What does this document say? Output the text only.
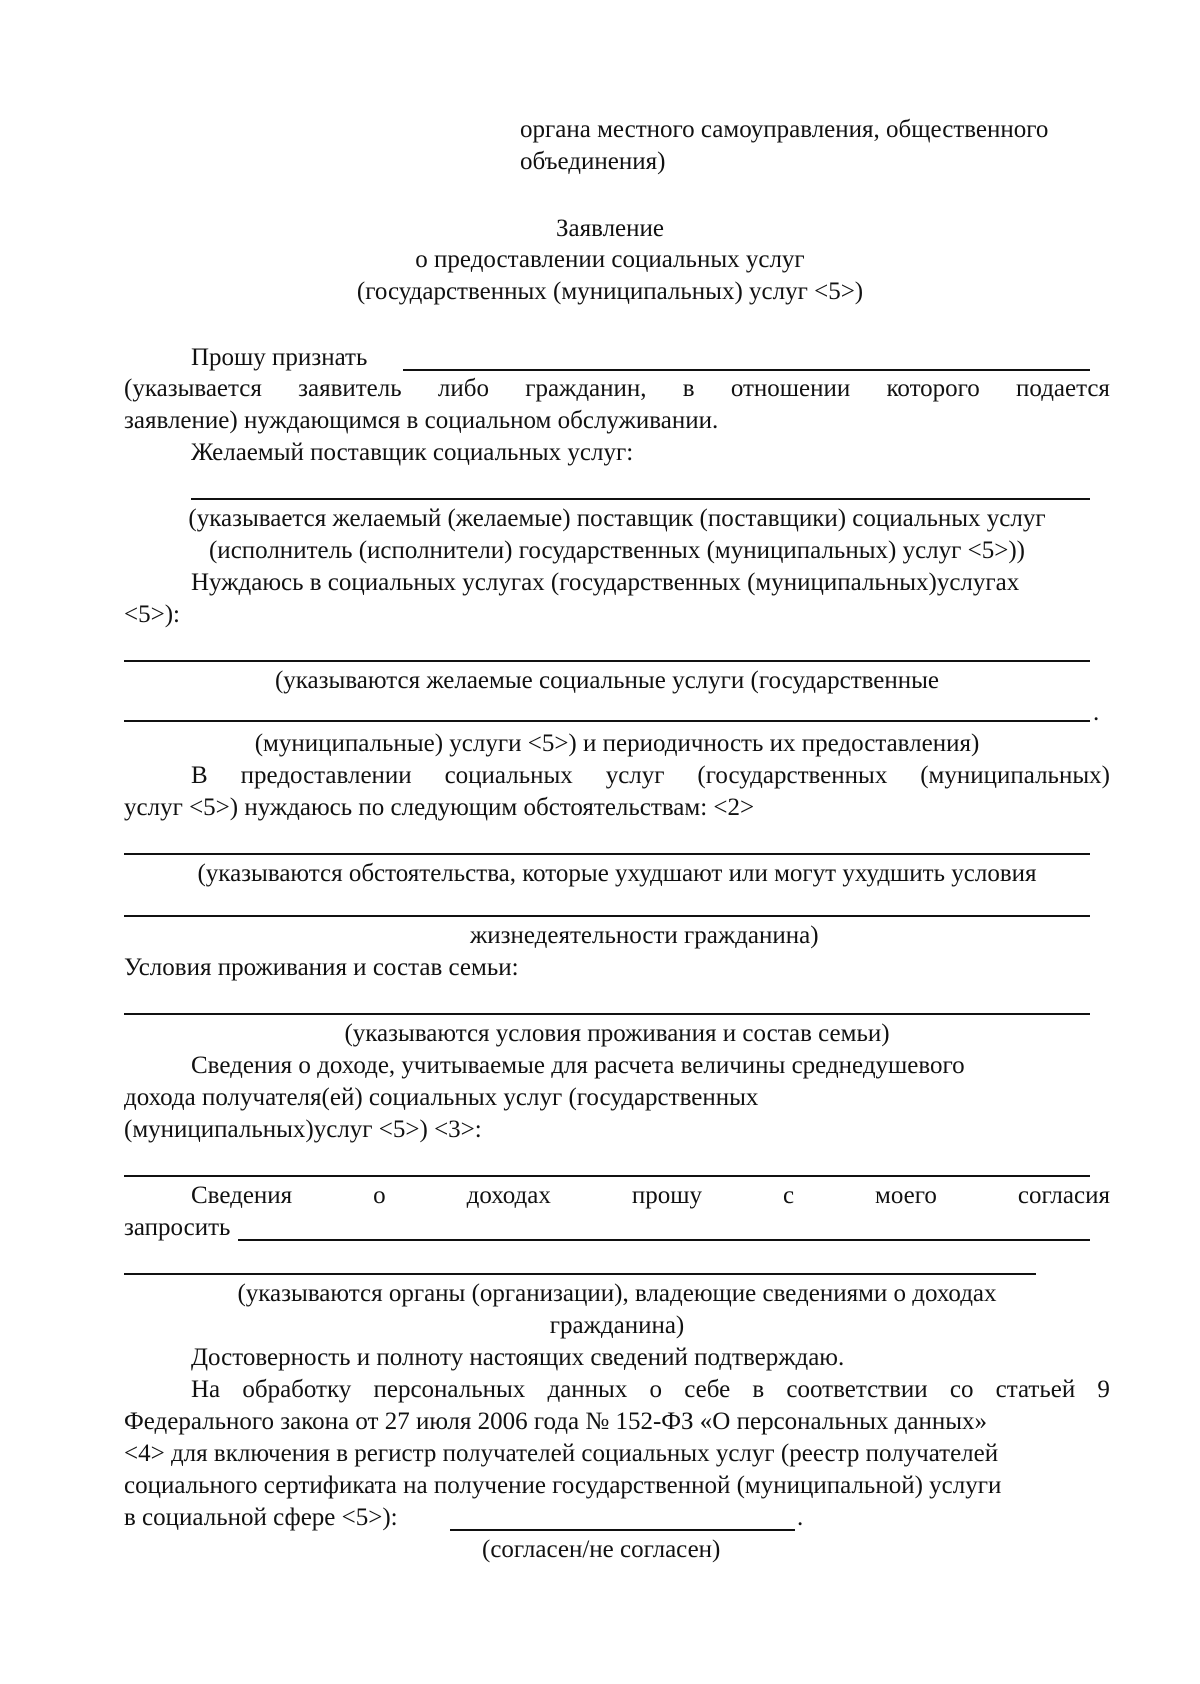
органа местного самоуправления, общественного
объединения)
Заявление
о предоставлении социальных услуг
(государственных (муниципальных) услуг <5>)
Прошу признать
(указывается заявитель либо гражданин, в отношении которого подается
заявление) нуждающимся в социальном обслуживании.
Желаемый поставщик социальных услуг:
(указывается желаемый (желаемые) поставщик (поставщики) социальных услуг
(исполнитель (исполнители) государственных (муниципальных) услуг <5>))
Нуждаюсь в социальных услугах (государственных (муниципальных)услугах
<5>):
(указываются желаемые социальные услуги (государственные
.
(муниципальные) услуги <5>) и периодичность их предоставления)
В предоставлении социальных услуг (государственных (муниципальных)
услуг <5>) нуждаюсь по следующим обстоятельствам: <2>
(указываются обстоятельства, которые ухудшают или могут ухудшить условия
жизнедеятельности гражданина)
Условия проживания и состав семьи:
(указываются условия проживания и состав семьи)
Сведения о доходе, учитываемые для расчета величины среднедушевого
дохода получателя(ей) социальных услуг (государственных
(муниципальных)услуг <5>) <3>:
Сведения	о	доходах	прошу	с	моего	согласия
запросить
(указываются органы (организации), владеющие сведениями о доходах
гражданина)
Достоверность и полноту настоящих сведений подтверждаю.
На обработку персональных данных о себе в соответствии со статьей 9
Федерального закона от 27 июля 2006 года № 152-ФЗ «О персональных данных»
<4> для включения в регистр получателей социальных услуг (реестр получателей
социального сертификата на получение государственной (муниципальной) услуги
в социальной сфере <5>):	.
(согласен/не согласен)
